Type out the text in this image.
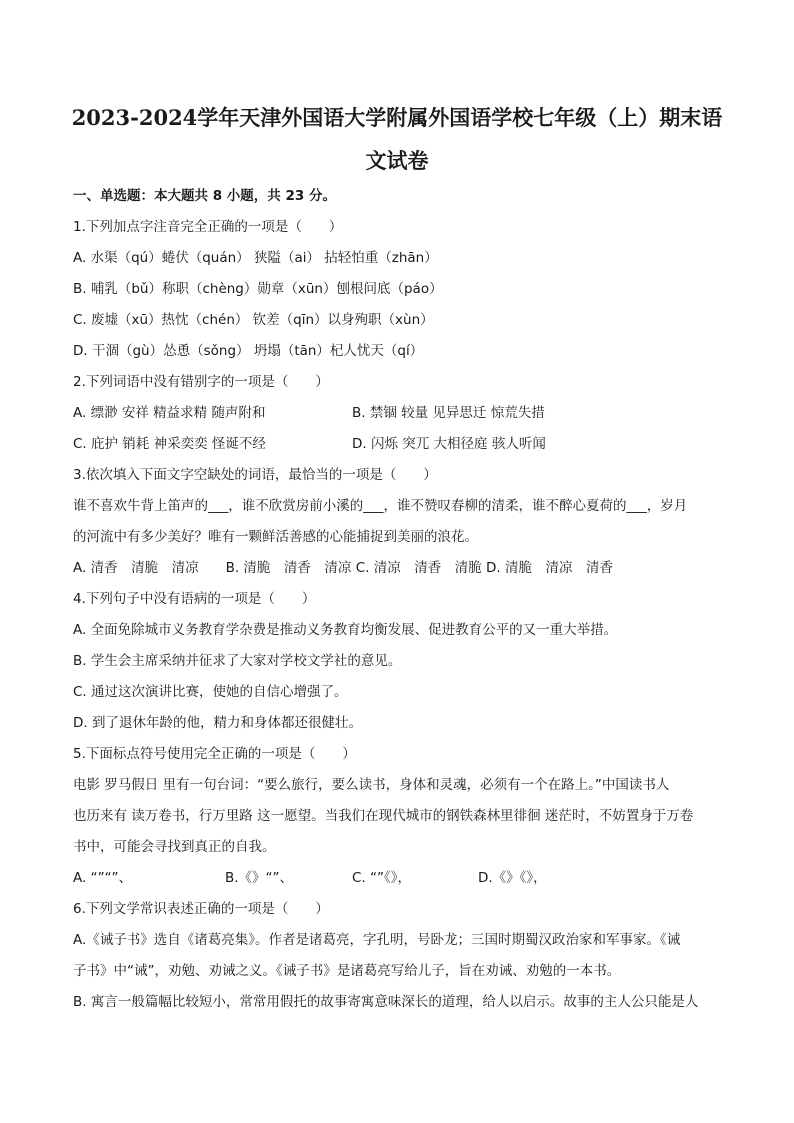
2023-2024学年天津外国语大学附属外国语学校七年级（上）期末语
文试卷
一、单选题：本大题共 8 小题，共 23 分。
1.下列加点字注音完全正确的一项是（　　）
A. 水渠（qú）蜷伏（quán） 狭隘（ai） 拈轻怕重（zhān）
B. 哺乳（bǔ）称职（chèng）勋章（xūn）刨根问底（páo）
C. 废墟（xū）热忱（chén） 钦差（qīn）以身殉职（xùn）
D. 干涸（gù）怂恿（sǒng） 坍塌（tān）杞人忧天（qí）
2.下列词语中没有错别字的一项是（　　）
A. 缥渺 安祥 精益求精 随声附和	B. 禁锢 较量 见异思迁 惊荒失措
C. 庇护 销耗 神采奕奕 怪诞不经	D. 闪烁 突兀 大相径庭 骇人听闻
3.依次填入下面文字空缺处的词语，最恰当的一项是（　　）
谁不喜欢牛背上笛声的___，谁不欣赏房前小溪的___，谁不赞叹春柳的清柔，谁不醉心夏荷的___，岁月
的河流中有多少美好？唯有一颗鲜活善感的心能捕捉到美丽的浪花。
A. 清香　清脆　清凉　　B. 清脆　清香　清凉 C. 清凉　清香　清脆 D. 清脆　清凉　清香
4.下列句子中没有语病的一项是（　　）
A. 全面免除城市义务教育学杂费是推动义务教育均衡发展、促进教育公平的又一重大举措。
B. 学生会主席采纳并征求了大家对学校文学社的意见。
C. 通过这次演讲比赛，使她的自信心增强了。
D. 到了退休年龄的他，精力和身体都还很健壮。
5.下面标点符号使用完全正确的一项是（　　）
电影 罗马假日 里有一句台词：“要么旅行，要么读书，身体和灵魂，必须有一个在路上。”中国读书人
也历来有 读万卷书，行万里路 这一愿望。当我们在现代城市的钢铁森林里徘徊 迷茫时，不妨置身于万卷
书中，可能会寻找到真正的自我。
A. “”“”、	B.《》“”、	C. “”《》，	D.《》《》，
6.下列文学常识表述正确的一项是（　　）
A.《诫子书》选自《诸葛亮集》。作者是诸葛亮，字孔明，号卧龙；三国时期蜀汉政治家和军事家。《诫
子书》中“诫”，劝勉、劝诫之义。《诫子书》是诸葛亮写给儿子，旨在劝诫、劝勉的一本书。
B. 寓言一般篇幅比较短小，常常用假托的故事寄寓意味深长的道理，给人以启示。故事的主人公只能是人
